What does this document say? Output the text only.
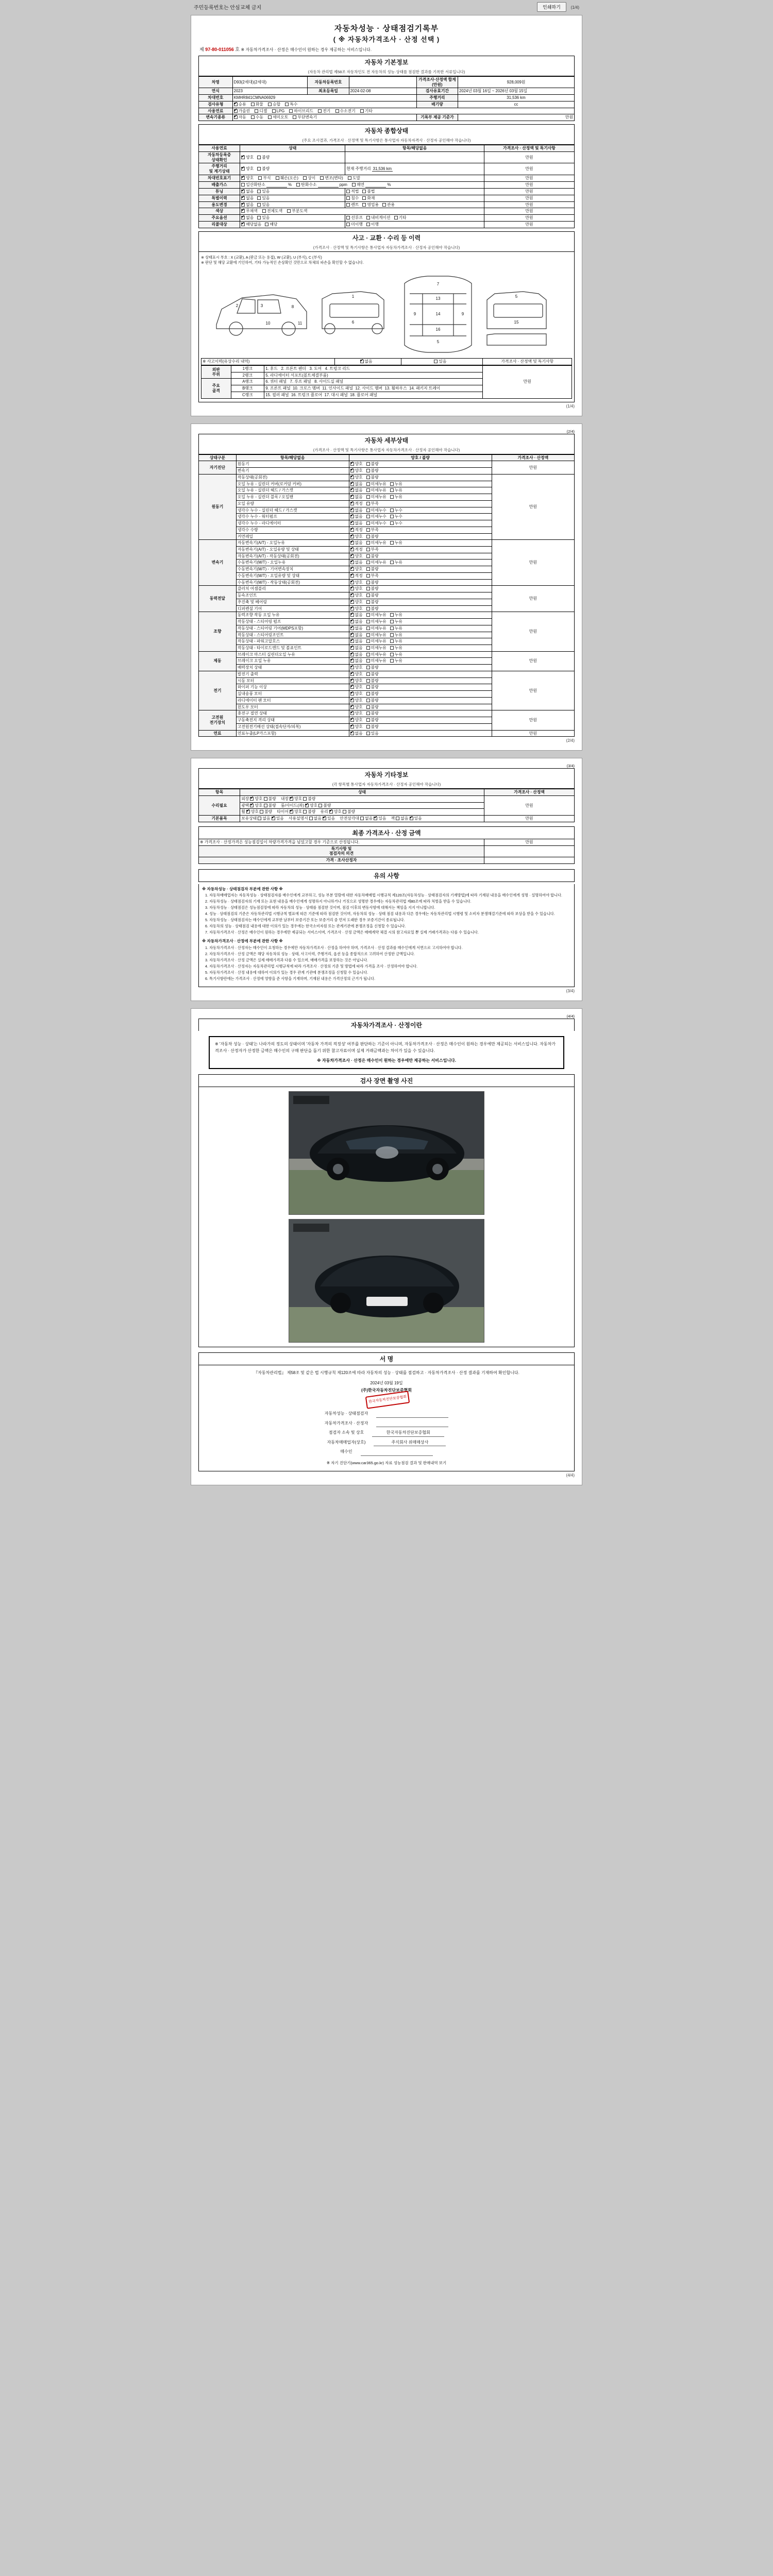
주민등록번호는 안심교체 금지	인쇄하기 (1/4)
자동차성능 · 상태점검기록부
( ※ 자동차가격조사 · 산정 선택 )
제 97-80-011056 호 ※ 자동차가격조사 · 산정은 매수인이 원하는 경우 제공하는 서비스입니다.
자동차 기본정보
(자동차 관리법 제58조 자동차인도 전 자동차의 성능·상태를 점검한 결과를 기록한 서류입니다)
차명	D93(2세대)(2세대)	자동차등록번호		가격조사·산정액 합계(만원)	928,009원
연식	2023	최초등록일	2024-02-08	검사유효기간	2024년 03월 16일 ~ 2026년 03월 15일
차대번호	KMHR841CMNA06929			주행거리	31,536 km
검사유형	✔승용 화물 승합 특수			배기량	cc
사용연료	✔가솔린 디젤 LPG 하이브리드 전기 수소전기 기타
변속기종류	✔자동 수동 세미오토 무단변속기			기록부 제공 기준가	만원
자동차 종합상태
(주요 조사결과, 가격조사 · 산정액 및 특기사항은 통사업자 자동차자격사 · 산정자 공인해야 작습니다)
사용연료	상태	항목/해당없음	가격조사 · 산정액 및 특기사항
자동차등록증
상태확인	✔양호 불량		만원
주행거리
및 계기상태	✔양호 불량	현재 주행거리 31,536 km	만원
차대번호표기	✔양호 부식 훼손(오손) 상이 변조(변타) 도말		만원
배출가스	일산화탄소 % 탄화수소 ppm 매연 %		만원
튜닝	✔없음 있음	적법 불법	만원
특별이력	✔없음 있음	침수 화재	만원
용도변경	✔없음 있음	렌트 영업용 관용	만원
색상	✔무채색 전체도색 부분도색		만원
주요옵션	✔없음 있음	선루프 내비게이션 기타	만원
리콜대상	✔해당없음 해당	미이행 이행	만원
사고 · 교환 · 수리 등 이력
(가격조사 · 산정액 및 특기사항은 통사업자 자동차가격조사 · 산정자 공인해야 작습니다)
※ 상태표시 부호 : X (교환), A (판금 또는 용접), W (교환), U (부식), C (부식)
※ 판단 및 해당 교환에 기인하여, 기타 가능적인 손상확인 것만으로 차체의 파손을 확인할 수 없습니다.
3
2	8
1
6
7
13
14
16
5
9	9
5
15
10	11
※ 사고이력(유상수리 내역)	✔없음	있음	가격조사 · 산정액 및 특기사항
외판
부위	1랭크	1. 후드   2. 프론트 펜더   3. 도어   4. 트렁크 리드	만원
	2랭크	5. 라디에이터 서포트(볼트체결부품)	
주요
골격	A랭크	6. 쿼터 패널   7. 루프 패널   8. 사이드실 패널	
	B랭크	9. 프론트 패널  10. 크로스 멤버  11. 인사이드 패널  12. 사이드 멤버  13. 휠하우스  14. 패키지 트레이	
	C랭크	15. 필러 패널  16. 트렁크 플로어  17. 대시 패널  18. 플로어 패널	
(1/4)
(2/4)
자동차 세부상태
(가격조사 · 산정액 및 특기사항은 통사업자 자동차가격조사 · 산정자 공인해야 작습니다)
상태구분	항목/해당없음	양호 / 불량	가격조사 · 산정액
자기진단	원동기	✔양호 불량	만원
	변속기	✔양호 불량
원동기	작동상태(공회전)	✔양호 불량	만원
	오일 누유 - 실린더 커버(로커암 커버)	✔없음 미세누유 누유
	오일 누유 - 실린더 헤드 / 가스켓	✔없음 미세누유 누유
	오일 누유 - 실린더 블록 / 오일팬	✔없음 미세누유 누유
	오일 유량	✔적정 부족
	냉각수 누수 - 실린더 헤드 / 가스켓	✔없음 미세누수 누수
	냉각수 누수 - 워터펌프	✔없음 미세누수 누수
	냉각수 누수 - 라디에이터	✔없음 미세누수 누수
	냉각수 수량	✔적정 부족
	커먼레일	✔양호 불량
변속기	자동변속기(A/T) - 오일누유	✔없음 미세누유 누유	만원
	자동변속기(A/T) - 오일유량 및 상태	✔적정 부족
	자동변속기(A/T) - 작동상태(공회전)	✔양호 불량
	수동변속기(M/T) - 오일누유	✔없음 미세누유 누유
	수동변속기(M/T) - 기어변속장치	✔양호 불량
	수동변속기(M/T) - 오일유량 및 상태	✔적정 부족
	수동변속기(M/T) - 작동상태(공회전)	✔양호 불량
동력전달	클러치 어셈블리	✔양호 불량	만원
	등속조인트	✔양호 불량
	추진축 및 베어링	✔양호 불량
	디퍼렌셜 기어	✔양호 불량
조향	동력조향 작동 오일 누유	✔없음 미세누유 누유	만원
	작동상태 - 스티어링 펌프	✔없음 미세누유 누유
	작동상태 - 스티어링 기어(MDPS포함)	✔없음 미세누유 누유
	작동상태 - 스티어링조인트	✔없음 미세누유 누유
	작동상태 - 파워고압호스	✔없음 미세누유 누유
	작동상태 - 타이로드엔드 및 볼죠인트	✔없음 미세누유 누유
제동	브레이크 마스터 실린더오일 누유	✔없음 미세누유 누유	만원
	브레이크 오일 누유	✔없음 미세누유 누유
	배력장치 상태	✔양호 불량
전기	발전기 출력	✔양호 불량	만원
	시동 모터	✔양호 불량
	와이퍼 기능 이상	✔양호 불량
	실내송풍 모터	✔양호 불량
	라디에이터 팬 모터	✔양호 불량
	윈도우 모터	✔양호 불량
고전원
전기장치	충전구 절연 상태	✔양호 불량	만원
	구동축전지 격리 상태	✔양호 불량
	고전원전기배선 상태(접속단자/피복)	✔양호 불량
연료	연료누출(LP가스포함)	✔없음 있음	만원
(2/4)
(3/4)
자동차 기타정보
(각 항목별 통사업자 자동차가격조사 · 산정자 공인해야 작습니다)
항목	상태	가격조사 · 산정액
수리필요	외장 ✔양호 불량 내장 ✔양호 불량	만원
	광택 ✔양호 불량 룸/사이드(좌) ✔양호 불량
	휠 ✔양호 불량 타이어 ✔양호 불량 유리 ✔양호 불량
기본품목	보유상태 없음 ✔있음 사용설명서 없음 ✔있음 안전삼각대 없음 ✔있음 잭 없음 ✔있음	만원
최종 가격조사 · 산정 금액
※ 가격조사 · 산정가격은 성능점검일이 차량가격가격을 넘었고할 경우 기준으로 산정됩니다.	만원
특기사항 및
점검자의 의견	
가격 · 조사산정자	
유의 사항
※ 자동차성능 · 상태점검자 부분에 관한 사항 ※
1. 자동차매매업자는 자동차성능 · 상태점검자를 매수인에게 교부하고, 성능 부분 열람에 대한 자동차매매법 시행규칙 제120조(자동차성능 · 상태점검자의 기재방법)에 따라 기재된 내용을 매수인에게 성명 · 설명하여야 합니다.
2. 자동차성능 · 상태점검자의 기재 또는 표현 내용을 매수인에게 성명하지 아니하거나 거짓으로 성명한 경우에는 자동차관리법 제80조에 따라 처벌을 받을 수 있습니다.
3. 자동차성능 · 상태점검은 성능점검장에 따라 자동차의 성능 · 상태를 점검한 것이며, 점검 이후의 변동사항에 대해서는 책임을 지지 아니합니다.
4. 성능 · 상태점검의 기준은 자동차관리법 시행규칙 별표에 따른 기준에 따라 점검한 것이며, 자동차의 성능 · 상태 점검 내용과 다른 경우에는 자동차관리법 시행령 및 소비자 분쟁해결기준에 따라 보상을 받을 수 있습니다.
5. 자동차성능 · 상태점검자는 매수인에게 교부한 날부터 보증기간 또는 보증거리 중 먼저 도래한 경우 보증기간이 종료됩니다.
6. 자동차의 성능 · 상태점검 내용에 대한 이의가 있는 경우에는 한국소비자원 또는 관계기관에 분쟁조정을 신청할 수 있습니다.
7. 자동차가격조사 · 산정은 매수인이 원하는 경우에만 제공되는 서비스이며, 가격조사 · 산정 금액은 매매계약 체결 시의 참고자료일 뿐 실제 거래가격과는 다를 수 있습니다.
※ 자동차가격조사 · 산정에 부분에 관한 사항 ※
1. 자동차가격조사 · 산정자는 매수인이 요청하는 경우에만 자동차가격조사 · 산정을 하여야 하며, 가격조사 · 산정 결과를 매수인에게 서면으로 고지하여야 합니다.
2. 자동차가격조사 · 산정 금액은 해당 자동차의 성능 · 상태, 사고이력, 주행거리, 옵션 등을 종합적으로 고려하여 산정한 금액입니다.
3. 자동차가격조사 · 산정 금액은 실제 매매가격과 다를 수 있으며, 매매가격을 보장하는 것은 아닙니다.
4. 자동차가격조사 · 산정자는 자동차관리법 시행규칙에 따라 가격조사 · 산정의 기준 및 방법에 따라 가격을 조사 · 산정하여야 합니다.
5. 자동차가격조사 · 산정 내용에 대하여 이의가 있는 경우 관계 기관에 분쟁조정을 신청할 수 있습니다.
6. 특기사항란에는 가격조사 · 산정에 영향을 준 사항을 기재하며, 기재된 내용은 가격산정의 근거가 됩니다.
(3/4)
(4/4)
자동차가격조사 · 산정이란
※ '자동차 성능 · 상태'는 나라가의 정도의 상태이며 '자동차 가격의 적정성' 여부를 판단하는 기준이 아니며, 자동차가격조사 · 산정은 매수인이 원하는 경우에만 제공되는 서비스입니다. 자동차가격조사 · 산정자가 산정한 금액은 매수인의 구매 판단을 돕기 위한 참고자료이며 실제 거래금액과는 차이가 있을 수 있습니다.
※ 자동차가격조사 · 산정은 매수인이 원하는 경우에만 제공하는 서비스입니다.
검사 장면 촬영 사진
서 명
『자동차관리법』 제58조 및 같은 법 시행규칙 제120조에 따라 자동차의 성능 · 상태를 점검하고 · 자동차가격조사 · 산정 결과를 기재하여 확인합니다.
2024년 03월 19일
(주)한국자동차진단보증협회
한국자동차진단보증협회
자동차성능 · 상태점검자

자동차가격조사 · 산정자

점검자 소속 및 상호	한국자동차진단보증협회
자동차매매업자(상호)	주식회사 위매매상사
매수인

※ 자기 진단기(www.car365.go.kr) 자료 성능점검 결과 및 판매내역 보기
(4/4)
